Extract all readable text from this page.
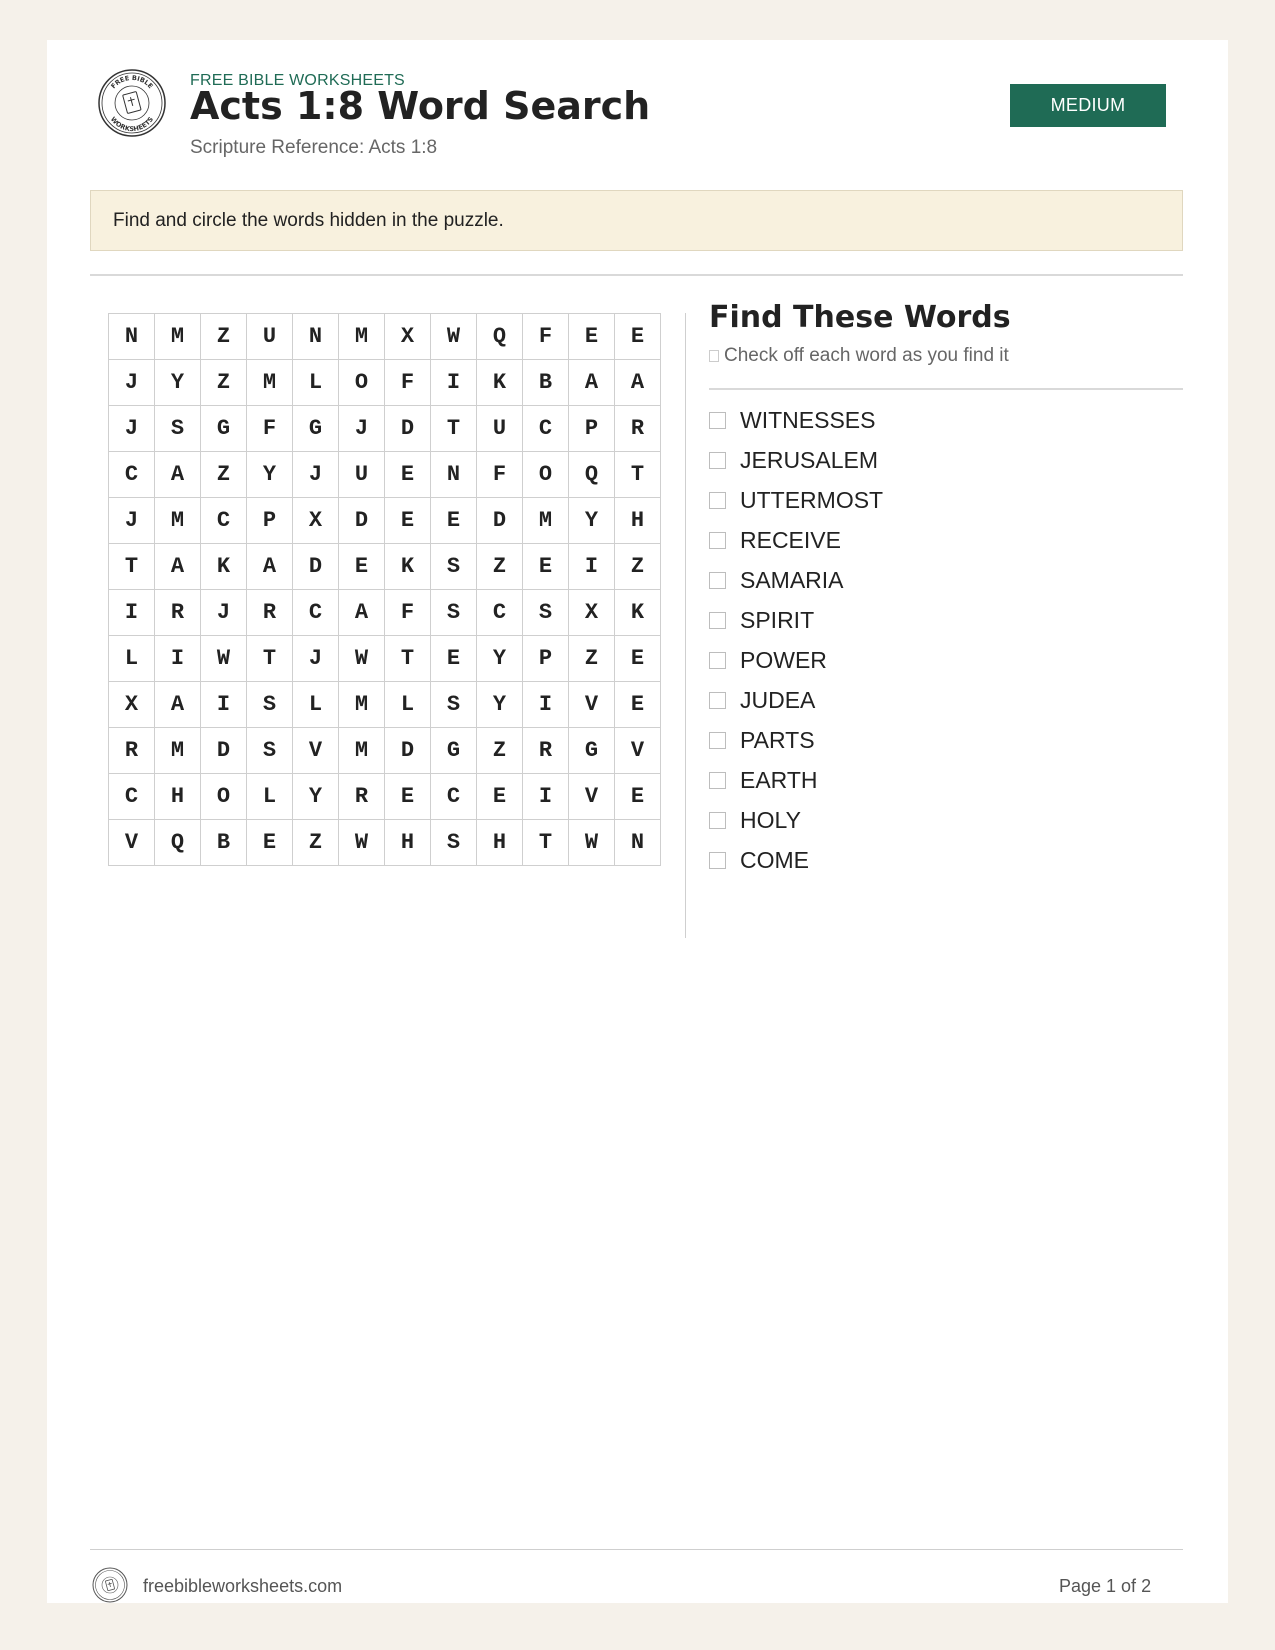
FREE BIBLE
WORKSHEETS
FREE BIBLE WORKSHEETS
Acts 1:8 Word Search
Scripture Reference: Acts 1:8
MEDIUM
Find and circle the words hidden in the puzzle.
N	M	Z	U	N	M	X	W	Q	F	E	E
J	Y	Z	M	L	O	F	I	K	B	A	A
J	S	G	F	G	J	D	T	U	C	P	R
C	A	Z	Y	J	U	E	N	F	O	Q	T
J	M	C	P	X	D	E	E	D	M	Y	H
T	A	K	A	D	E	K	S	Z	E	I	Z
I	R	J	R	C	A	F	S	C	S	X	K
L	I	W	T	J	W	T	E	Y	P	Z	E
X	A	I	S	L	M	L	S	Y	I	V	E
R	M	D	S	V	M	D	G	Z	R	G	V
C	H	O	L	Y	R	E	C	E	I	V	E
V	Q	B	E	Z	W	H	S	H	T	W	N
Find These Words
Check off each word as you find it
WITNESSES
JERUSALEM
UTTERMOST
RECEIVE
SAMARIA
SPIRIT
POWER
JUDEA
PARTS
EARTH
HOLY
COME
freebibleworksheets.com	Page 1 of 2
